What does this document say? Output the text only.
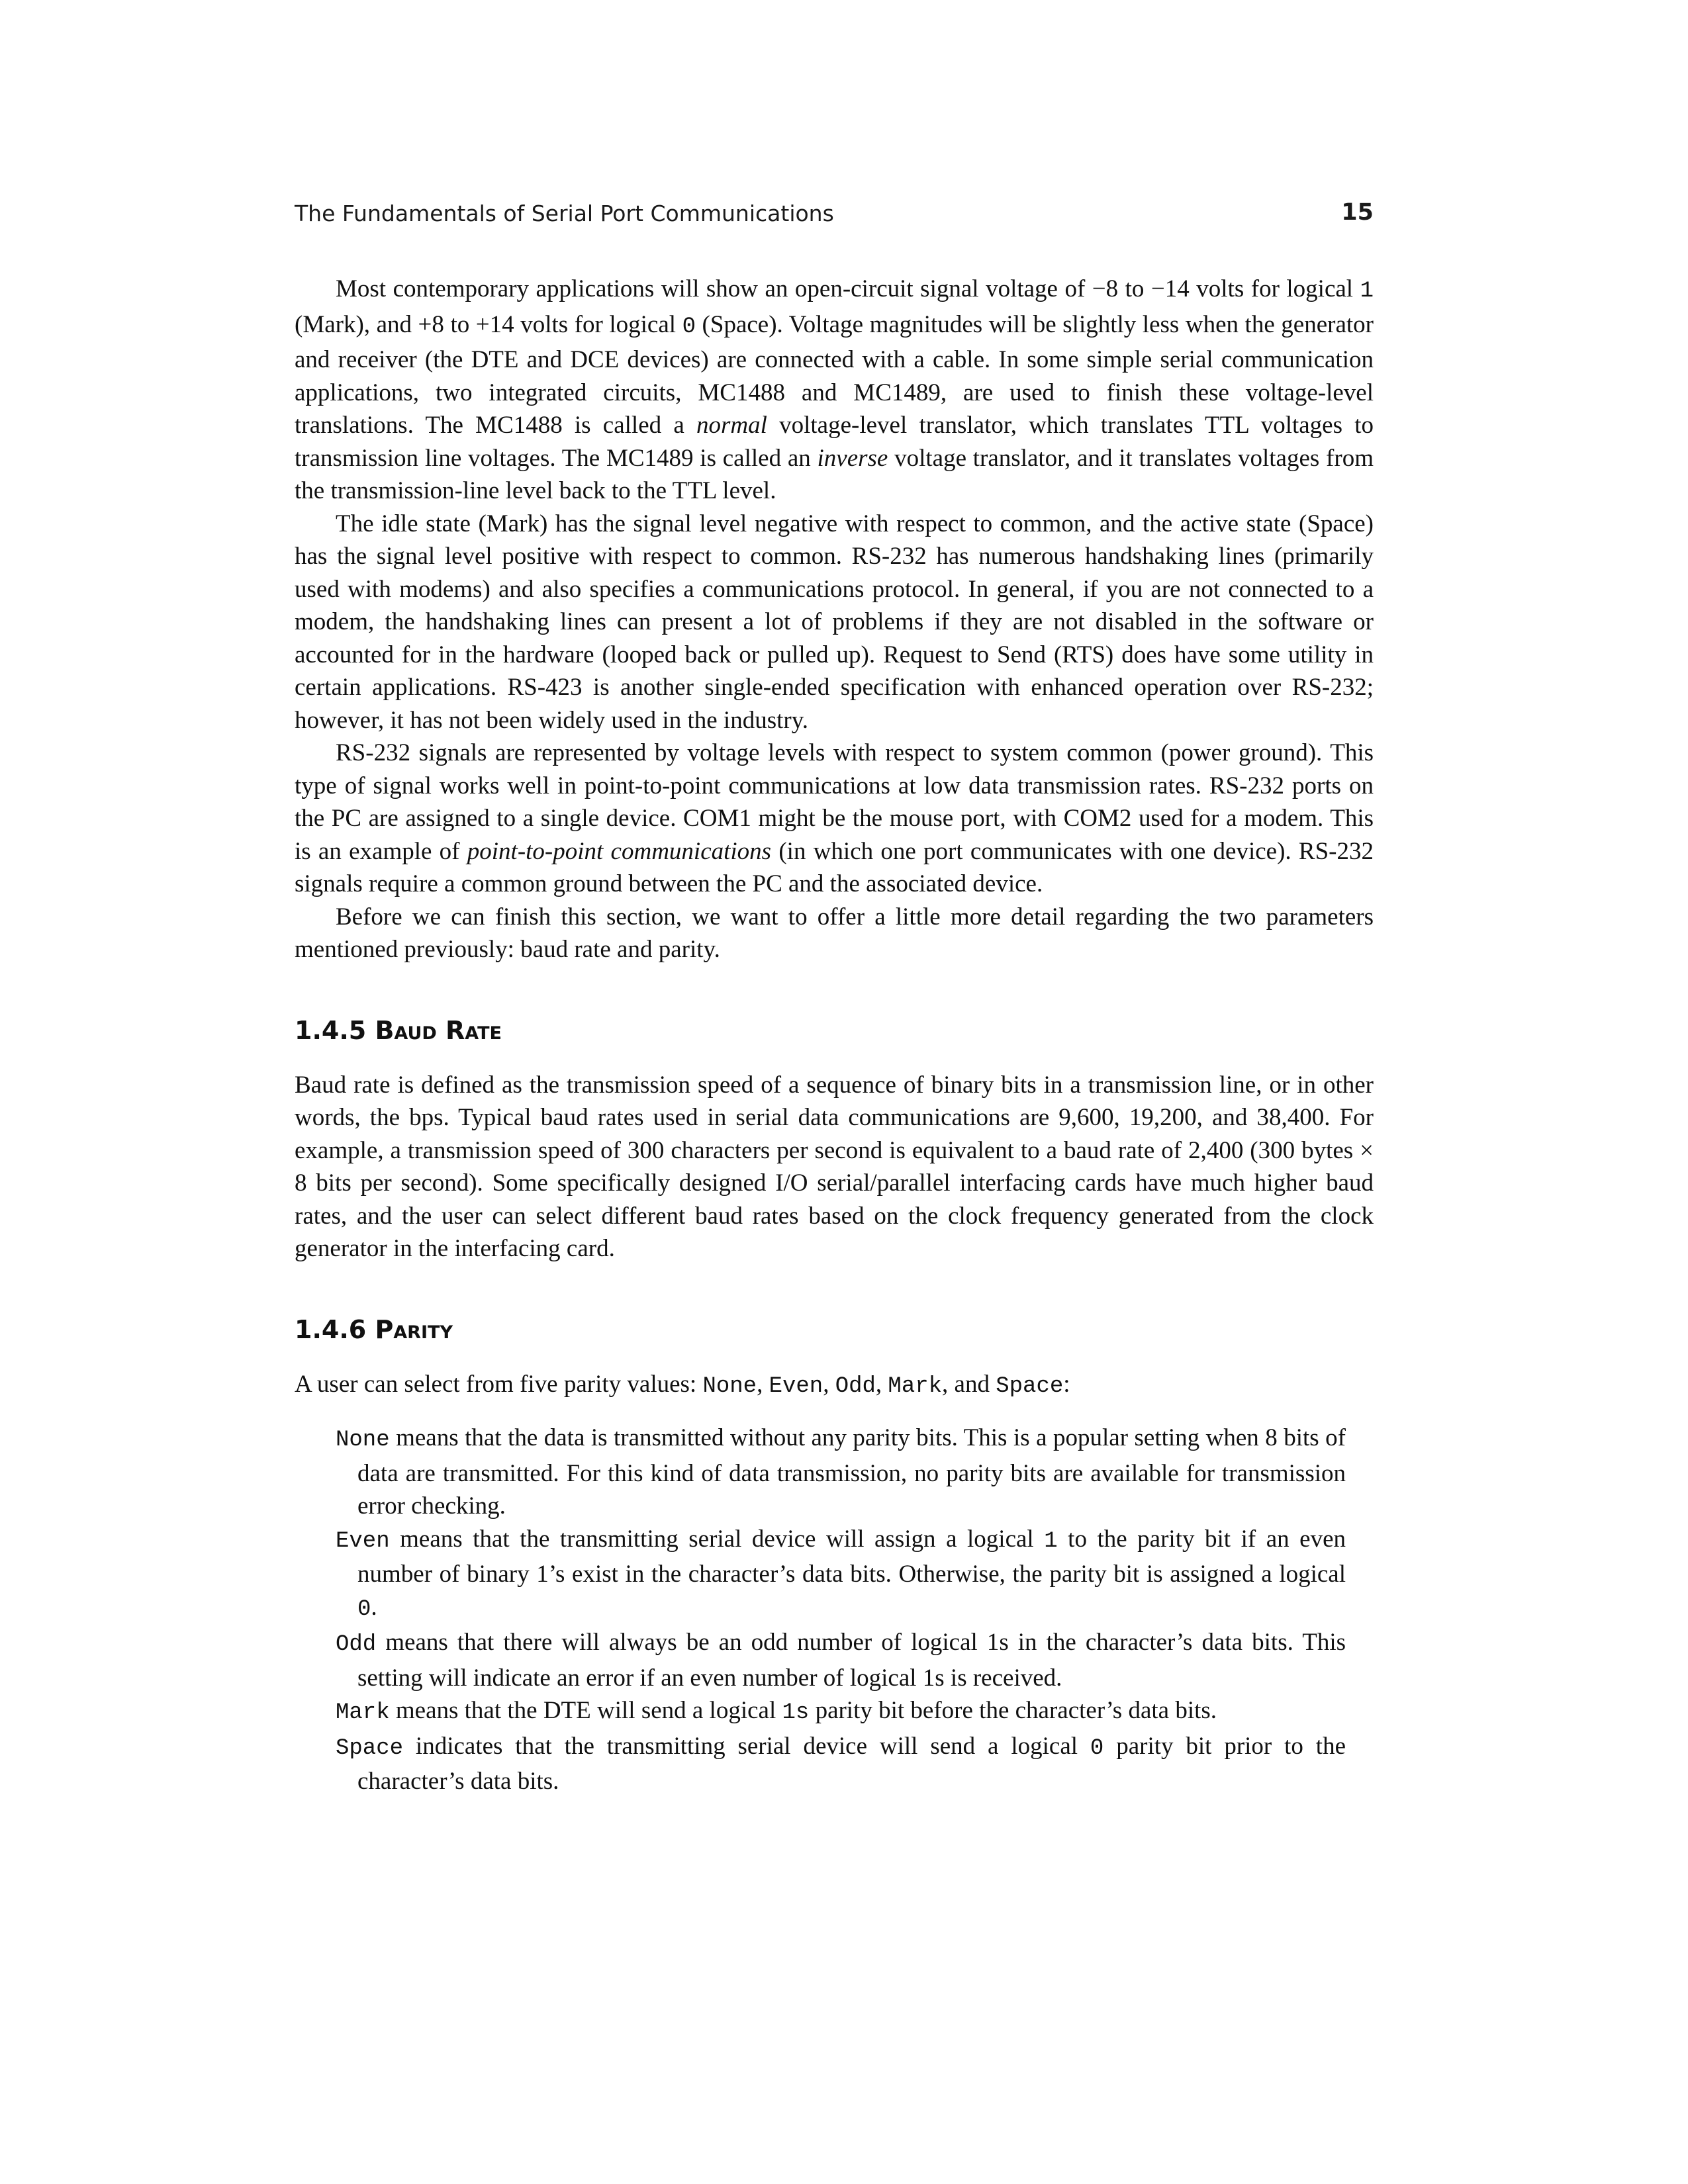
The Fundamentals of Serial Port Communications	15

Most contemporary applications will show an open-circuit signal voltage of −8 to −14 volts for logical 1 (Mark), and +8 to +14 volts for logical 0 (Space). Voltage magnitudes will be slightly less when the generator and receiver (the DTE and DCE devices) are connected with a cable. In some simple serial communication applications, two integrated circuits, MC1488 and MC1489, are used to finish these voltage-level translations. The MC1488 is called a normal voltage-level translator, which translates TTL voltages to transmission line voltages. The MC1489 is called an inverse voltage translator, and it translates voltages from the transmission-line level back to the TTL level.

The idle state (Mark) has the signal level negative with respect to common, and the active state (Space) has the signal level positive with respect to common. RS-232 has numerous handshaking lines (primarily used with modems) and also specifies a communications protocol. In general, if you are not connected to a modem, the handshaking lines can present a lot of problems if they are not disabled in the software or accounted for in the hardware (looped back or pulled up). Request to Send (RTS) does have some utility in certain applications. RS-423 is another single-ended specification with enhanced operation over RS-232; however, it has not been widely used in the industry.

RS-232 signals are represented by voltage levels with respect to system common (power ground). This type of signal works well in point-to-point communications at low data transmission rates. RS-232 ports on the PC are assigned to a single device. COM1 might be the mouse port, with COM2 used for a modem. This is an example of point-to-point communications (in which one port communicates with one device). RS-232 signals require a common ground between the PC and the associated device.

Before we can finish this section, we want to offer a little more detail regarding the two parameters mentioned previously: baud rate and parity.

1.4.5 Baud Rate

Baud rate is defined as the transmission speed of a sequence of binary bits in a transmission line, or in other words, the bps. Typical baud rates used in serial data communications are 9,600, 19,200, and 38,400. For example, a transmission speed of 300 characters per second is equivalent to a baud rate of 2,400 (300 bytes × 8 bits per second). Some specifically designed I/O serial/parallel interfacing cards have much higher baud rates, and the user can select different baud rates based on the clock frequency generated from the clock generator in the interfacing card.

1.4.6 Parity

A user can select from five parity values: None, Even, Odd, Mark, and Space:

None means that the data is transmitted without any parity bits. This is a popular setting when 8 bits of data are transmitted. For this kind of data transmission, no parity bits are available for transmission error checking.

Even means that the transmitting serial device will assign a logical 1 to the parity bit if an even number of binary 1’s exist in the character’s data bits. Otherwise, the parity bit is assigned a logical 0.

Odd means that there will always be an odd number of logical 1s in the character’s data bits. This setting will indicate an error if an even number of logical 1s is received.

Mark means that the DTE will send a logical 1s parity bit before the character’s data bits.

Space indicates that the transmitting serial device will send a logical 0 parity bit prior to the character’s data bits.
